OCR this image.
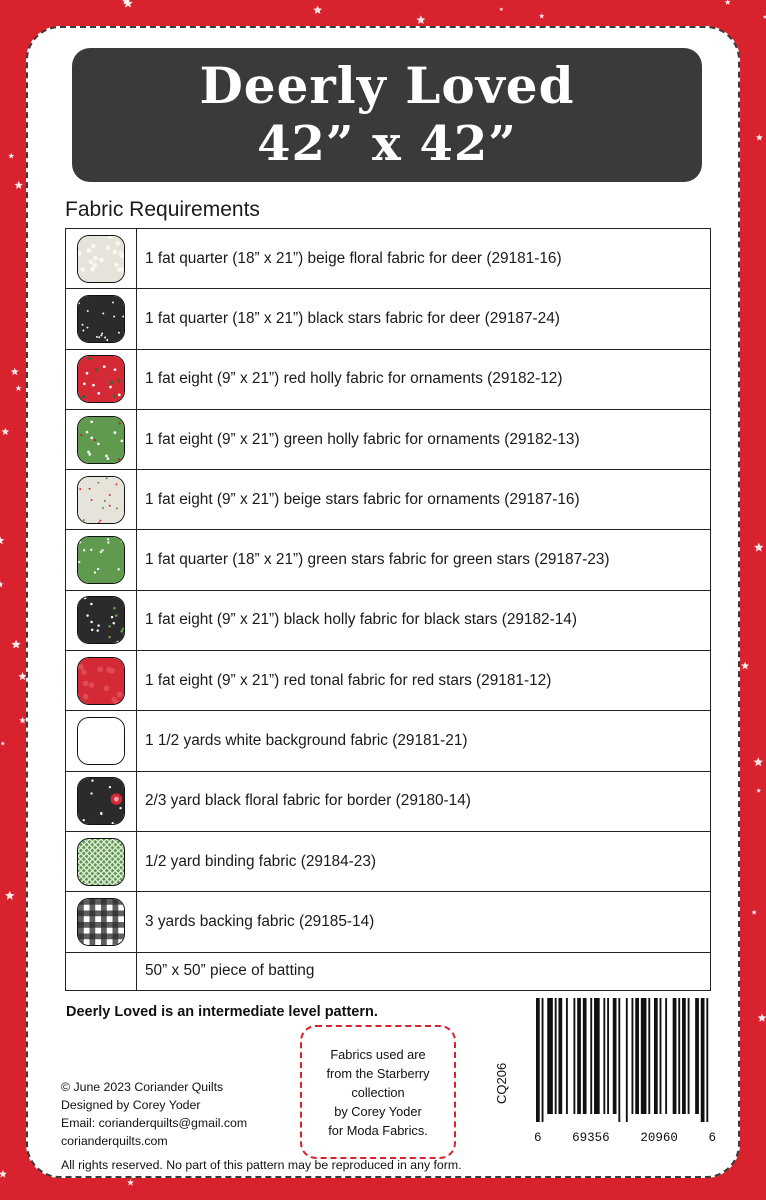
Deerly Loved
42” x 42”
Fabric Requirements
	1 fat quarter (18” x 21”) beige floral fabric for deer (29181-16)

	1 fat quarter (18” x 21”) black stars fabric for deer (29187-24)

	1 fat eight (9” x 21”) red holly fabric for ornaments (29182-12)

	1 fat eight (9” x 21”) green holly fabric for ornaments (29182-13)

	1 fat eight (9” x 21”) beige stars fabric for ornaments (29187-16)

	1 fat quarter (18” x 21”) green stars fabric for green stars (29187-23)

	1 fat eight (9” x 21”) black holly fabric for black stars (29182-14)

	1 fat eight (9” x 21”) red tonal fabric for red stars (29181-12)

	1 1/2 yards white background fabric (29181-21)

	2/3 yard black floral fabric for border (29180-14)

	1/2 yard binding fabric (29184-23)

	3 yards backing fabric (29185-14)
	50” x 50” piece of batting
Deerly Loved is an intermediate level pattern.
© June 2023 Coriander Quilts
Designed by Corey Yoder
Email: corianderquilts@gmail.com
corianderquilts.com
All rights reserved. No part of this pattern may be reproduced in any form.
Fabrics used are
from the Starberry
collection
by Corey Yoder
for Moda Fabrics.
CQ206
6 69356 20960 6
